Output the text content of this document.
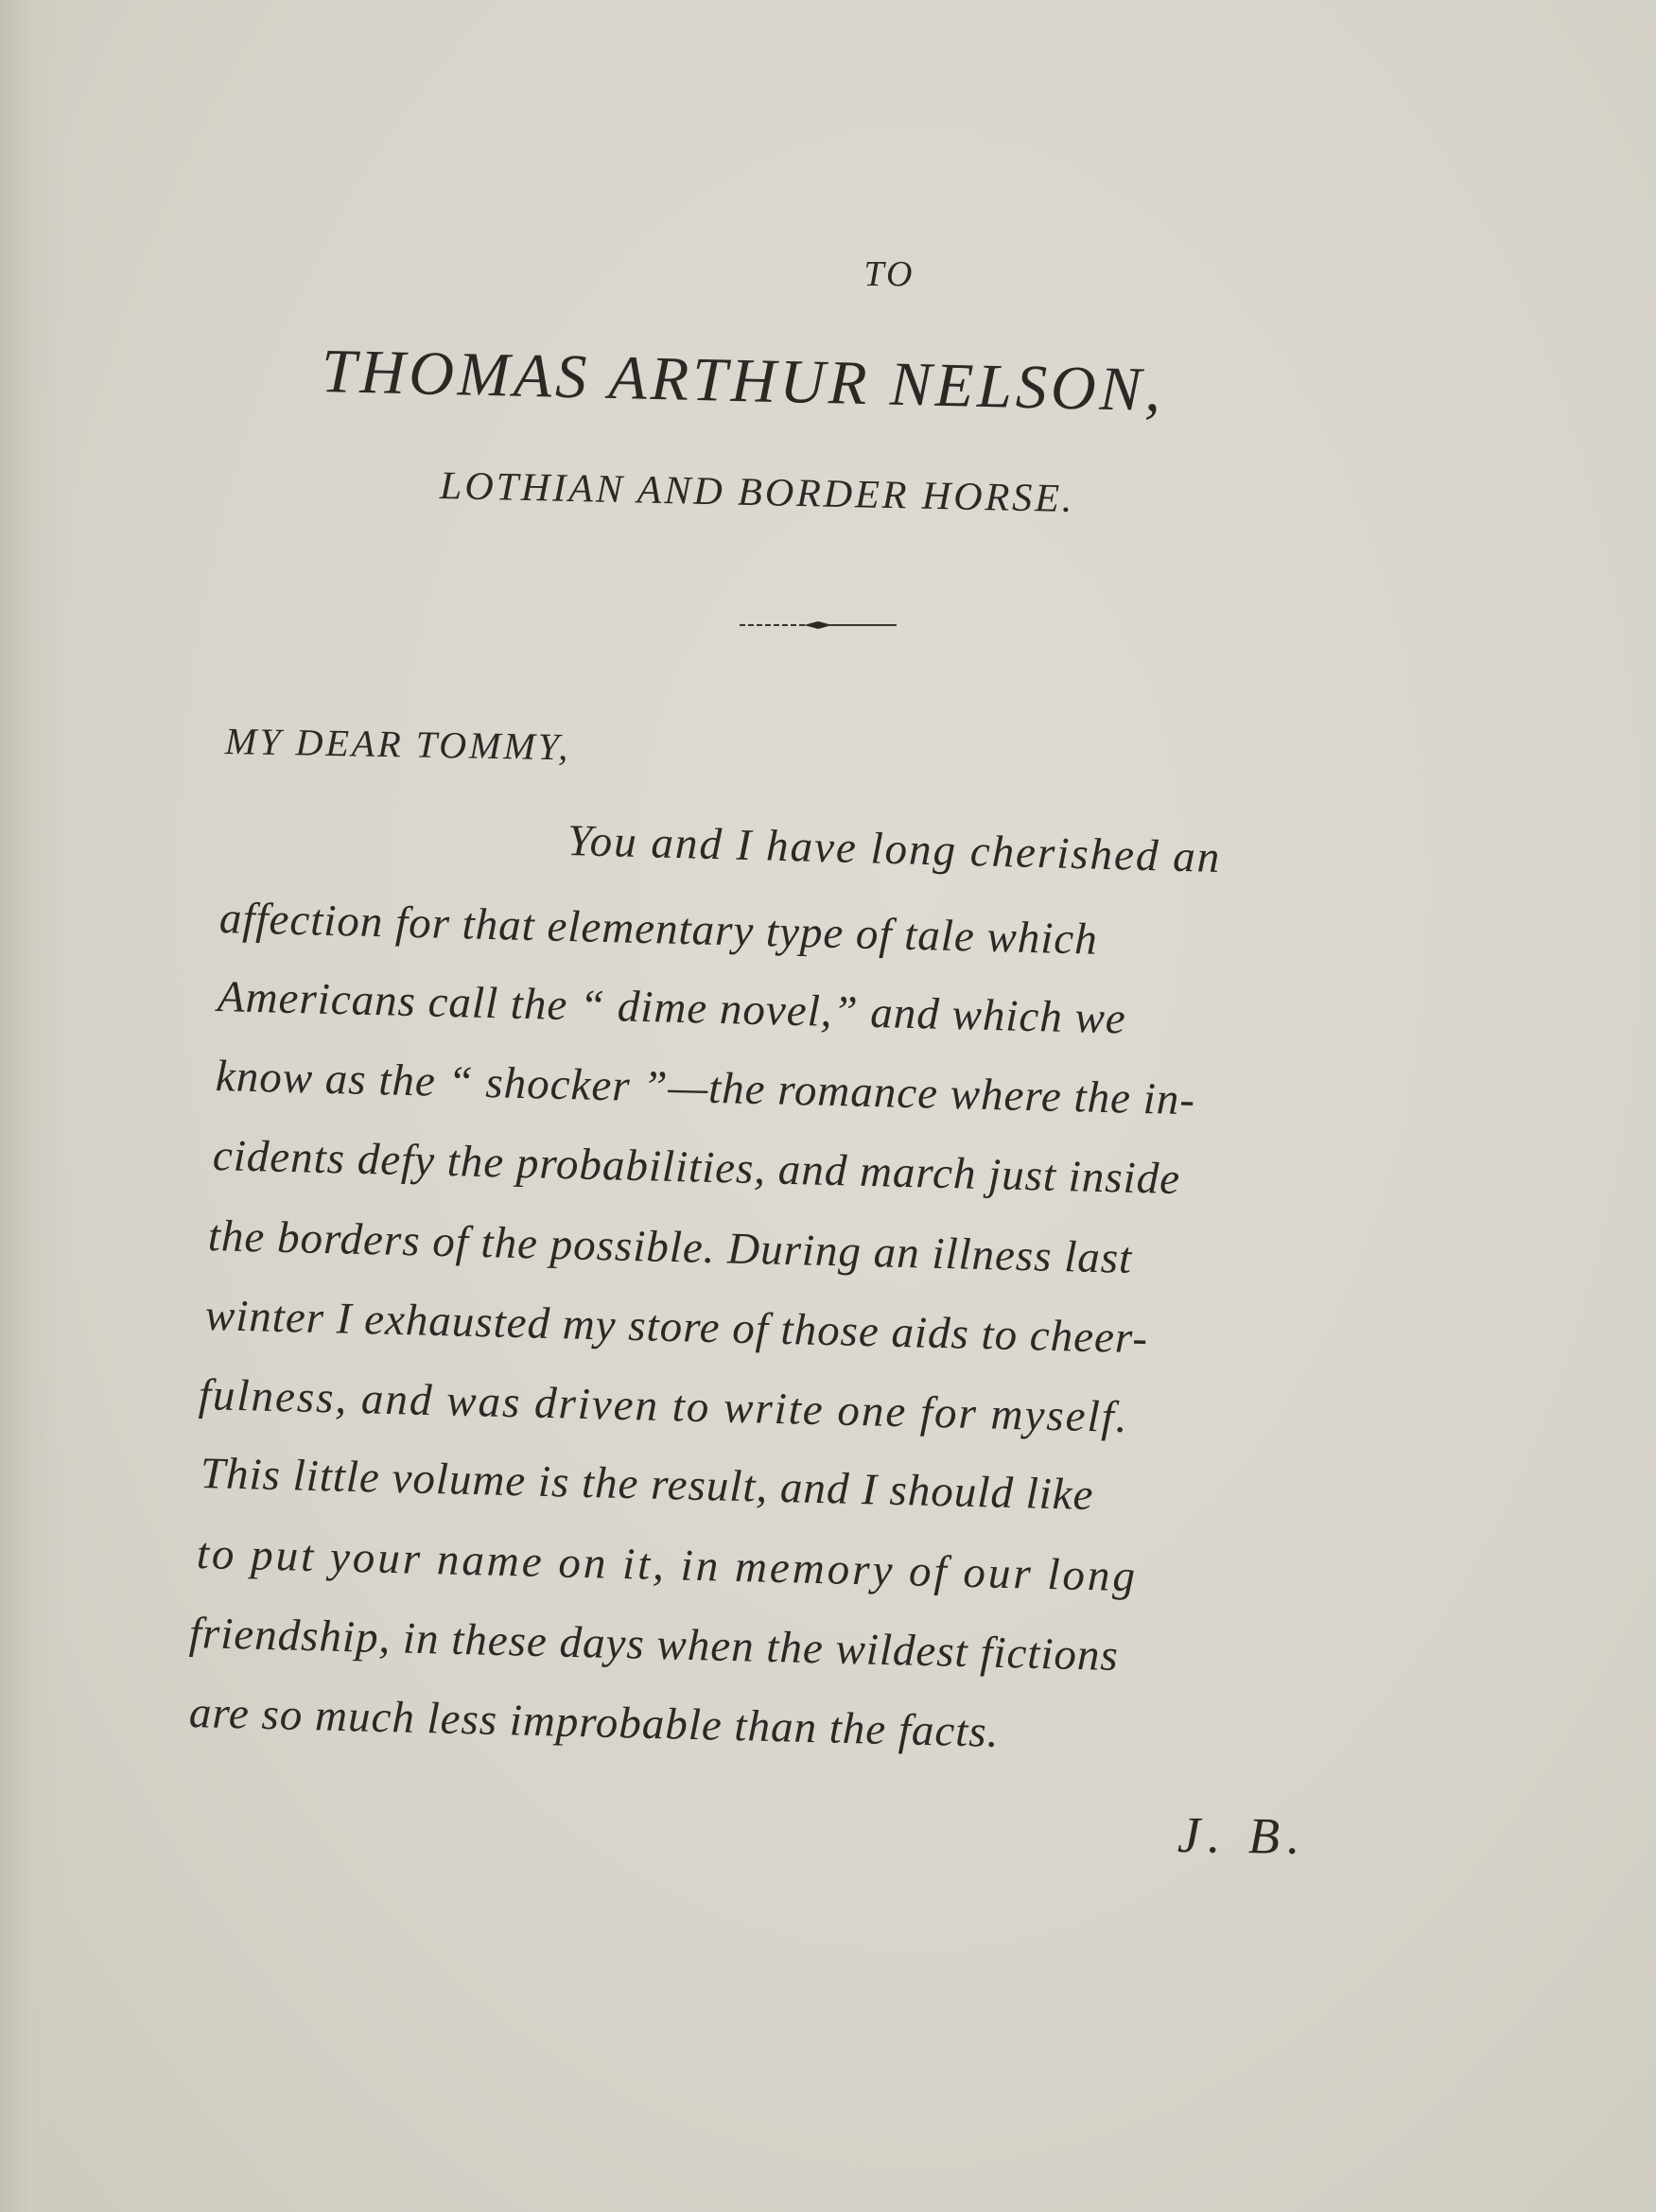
TO
THOMAS ARTHUR NELSON,
LOTHIAN AND BORDER HORSE.
MY DEAR TOMMY,
You and I have long cherished an
affection for that elementary type of tale which
Americans call the “ dime novel,” and which we
know as the “ shocker ”—the romance where the in-
cidents defy the probabilities, and march just inside
the borders of the possible. During an illness last
winter I exhausted my store of those aids to cheer-
fulness, and was driven to write one for myself.
This little volume is the result, and I should like
to put your name on it, in memory of our long
friendship, in these days when the wildest fictions
are so much less improbable than the facts.
J. B.
